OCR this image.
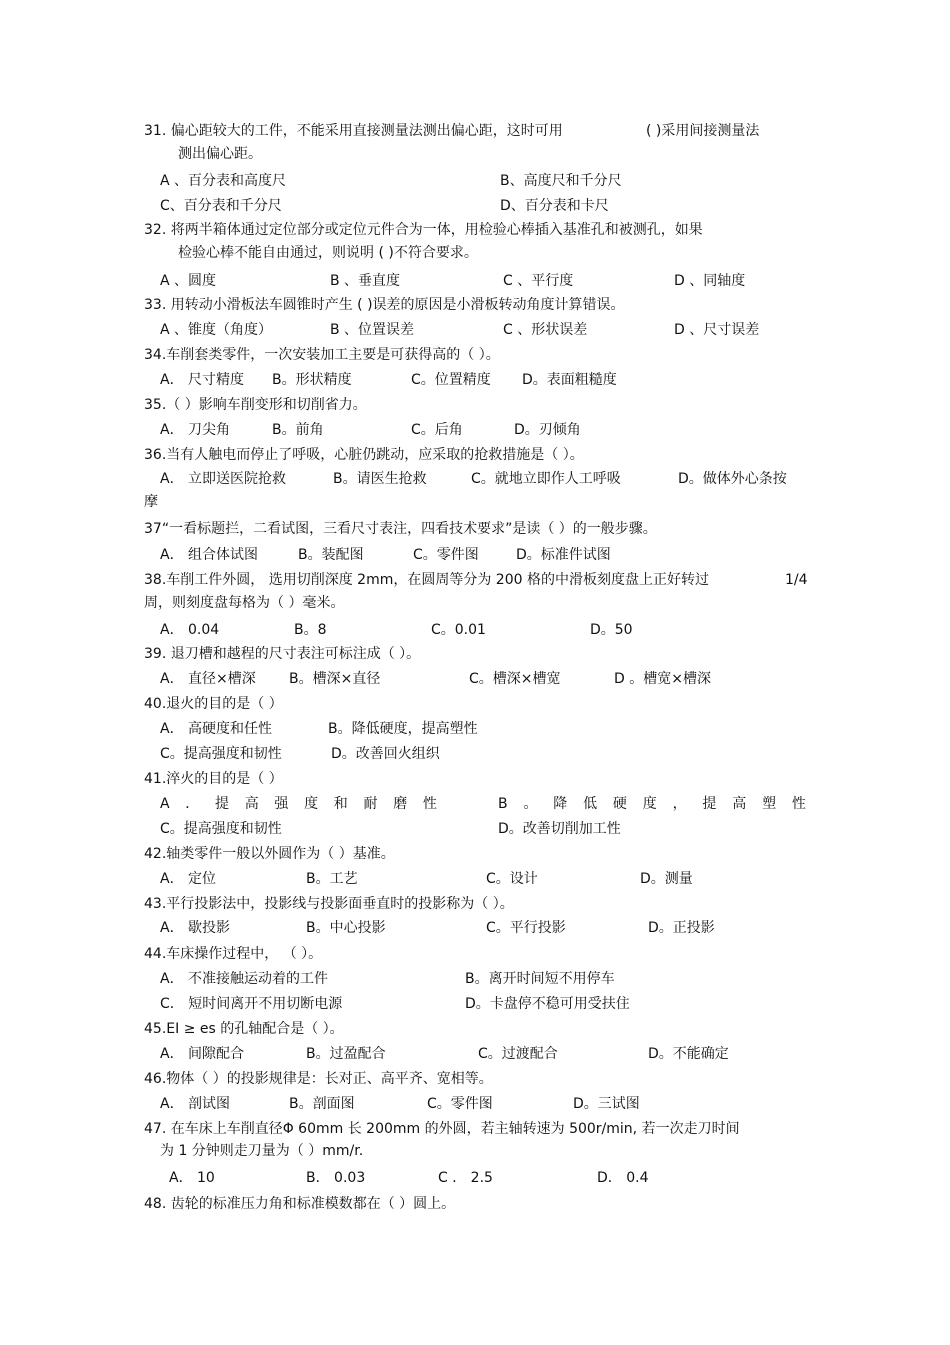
31. 偏心距较大的工件，不能采用直接测量法测出偏心距，这时可用	( )采用间接测量法
测出偏心距。
A 、百分表和高度尺	B、高度尺和千分尺
C、百分表和千分尺	D、百分表和卡尺
32. 将两半箱体通过定位部分或定位元件合为一体，用检验心棒插入基准孔和被测孔，如果
检验心棒不能自由通过，则说明 ( )不符合要求。
A 、圆度	B 、垂直度	C 、平行度	D 、同轴度
33. 用转动小滑板法车圆锥时产生 ( )误差的原因是小滑板转动角度计算错误。
A 、锥度（角度）	B 、位置误差	C 、形状误差	D 、尺寸误差
34.车削套类零件，一次安装加工主要是可获得高的（ ）。
A． 尺寸精度 B。形状精度	C。位置精度 D。表面粗糙度
35.（ ）影响车削变形和切削省力。
A． 刀尖角	B。前角	C。后角	D。刃倾角
36.当有人触电而停止了呼吸，心脏仍跳动，应采取的抢救措施是（ ）。
A． 立即送医院抢救	B。请医生抢救	C。就地立即作人工呼吸	D。做体外心条按
摩
37“一看标题拦，二看试图，三看尺寸表注，四看技术要求”是读（ ）的一般步骤。
A． 组合体试图	B。装配图	C。零件图	D。标准件试图
38.车削工件外圆， 选用切削深度 2mm，在圆周等分为 200 格的中滑板刻度盘上正好转过	1/4
周，则刻度盘每格为（ ）毫米。
A． 0.04	B。8	C。0.01	D。50
39. 退刀槽和越程的尺寸表注可标注成（ ）。
A． 直径×槽深 B。槽深×直径	C。槽深×槽宽	D 。槽宽×槽深
40.退火的目的是（ ）
A． 高硬度和任性	B。降低硬度，提高塑性
C。提高强度和韧性	D。改善回火组织
41.淬火的目的是（ ）
A ． 提 高 强 度 和 耐 磨 性	B 。 降 低 硬 度 ， 提 高 塑 性
C。提高强度和韧性	D。改善切削加工性
42.轴类零件一般以外圆作为（ ）基准。
A． 定位	B。工艺	C。设计	D。测量
43.平行投影法中，投影线与投影面垂直时的投影称为（ ）。
A． 歇投影	B。中心投影	C。平行投影	D。正投影
44.车床操作过程中， （ ）。
A． 不准接触运动着的工件	B。离开时间短不用停车
C． 短时间离开不用切断电源	D。卡盘停不稳可用受扶住
45.EI ≥ es 的孔轴配合是（ ）。
A． 间隙配合	B。过盈配合	C。过渡配合	D。不能确定
46.物体（ ）的投影规律是：长对正、高平齐、宽相等。
A． 剖试图	B。剖面图	C。零件图	D。三试图
47. 在车床上车削直径Φ 60mm 长 200mm 的外圆，若主轴转速为 500r/min, 若一次走刀时间
为 1 分钟则走刀量为（ ）mm/r.
A． 10	B． 0.03	C ． 2.5	D． 0.4
48. 齿轮的标准压力角和标准模数都在（ ）圆上。
